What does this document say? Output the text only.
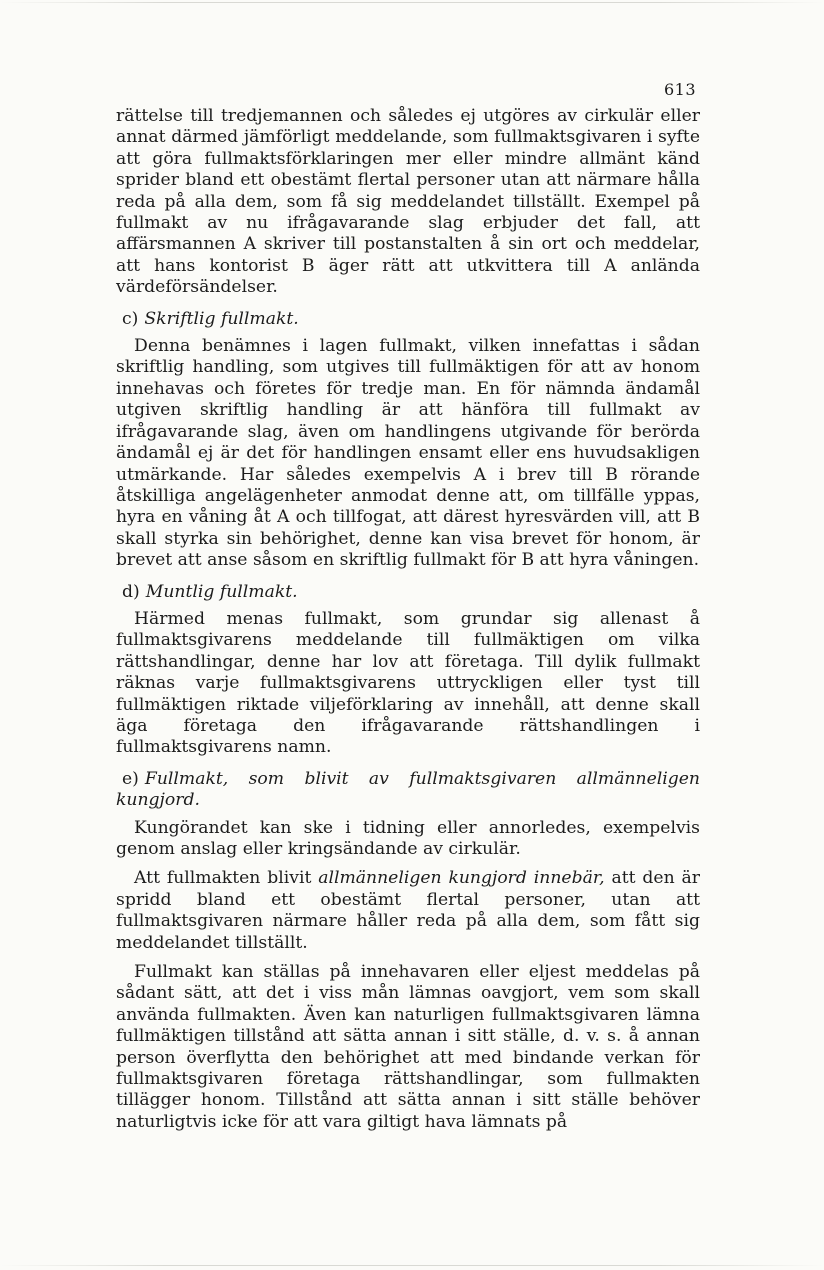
613

rättelse till tredjemannen och således ej utgöres av cirkulär eller annat därmed jämförligt meddelande, som fullmaktsgivaren i syfte att göra fullmaktsförklaringen mer eller mindre allmänt känd sprider bland ett obestämt flertal personer utan att närmare hålla reda på alla dem, som få sig meddelandet tillställt. Exempel på fullmakt av nu ifrågavarande slag erbjuder det fall, att affärsmannen A skriver till postanstalten å sin ort och meddelar, att hans kontorist B äger rätt att utkvittera till A anlända värdeförsändelser.

c) Skriftlig fullmakt.

Denna benämnes i lagen fullmakt, vilken innefattas i sådan skriftlig handling, som utgives till fullmäktigen för att av honom innehavas och företes för tredje man. En för nämnda ändamål utgiven skriftlig handling är att hänföra till fullmakt av ifrågavarande slag, även om handlingens utgivande för berörda ändamål ej är det för handlingen ensamt eller ens huvudsakligen utmärkande. Har således exempelvis A i brev till B rörande åtskilliga angelägenheter anmodat denne att, om tillfälle yppas, hyra en våning åt A och tillfogat, att därest hyresvärden vill, att B skall styrka sin behörighet, denne kan visa brevet för honom, är brevet att anse såsom en skriftlig fullmakt för B att hyra våningen.

d) Muntlig fullmakt.

Härmed menas fullmakt, som grundar sig allenast å fullmaktsgivarens meddelande till fullmäktigen om vilka rättshandlingar, denne har lov att företaga. Till dylik fullmakt räknas varje fullmaktsgivarens uttryckligen eller tyst till fullmäktigen riktade viljeförklaring av innehåll, att denne skall äga företaga den ifrågavarande rättshandlingen i fullmaktsgivarens namn.

e) Fullmakt, som blivit av fullmaktsgivaren allmänneligen kungjord.

Kungörandet kan ske i tidning eller annorledes, exempelvis genom anslag eller kringsändande av cirkulär.

Att fullmakten blivit allmänneligen kungjord innebär, att den är spridd bland ett obestämt flertal personer, utan att fullmaktsgivaren närmare håller reda på alla dem, som fått sig meddelandet tillställt.

Fullmakt kan ställas på innehavaren eller eljest meddelas på sådant sätt, att det i viss mån lämnas oavgjort, vem som skall använda fullmakten. Även kan naturligen fullmaktsgivaren lämna fullmäktigen tillstånd att sätta annan i sitt ställe, d. v. s. å annan person överflytta den behörighet att med bindande verkan för fullmaktsgivaren företaga rättshandlingar, som fullmakten tillägger honom. Tillstånd att sätta annan i sitt ställe behöver naturligtvis icke för att vara giltigt hava lämnats på
